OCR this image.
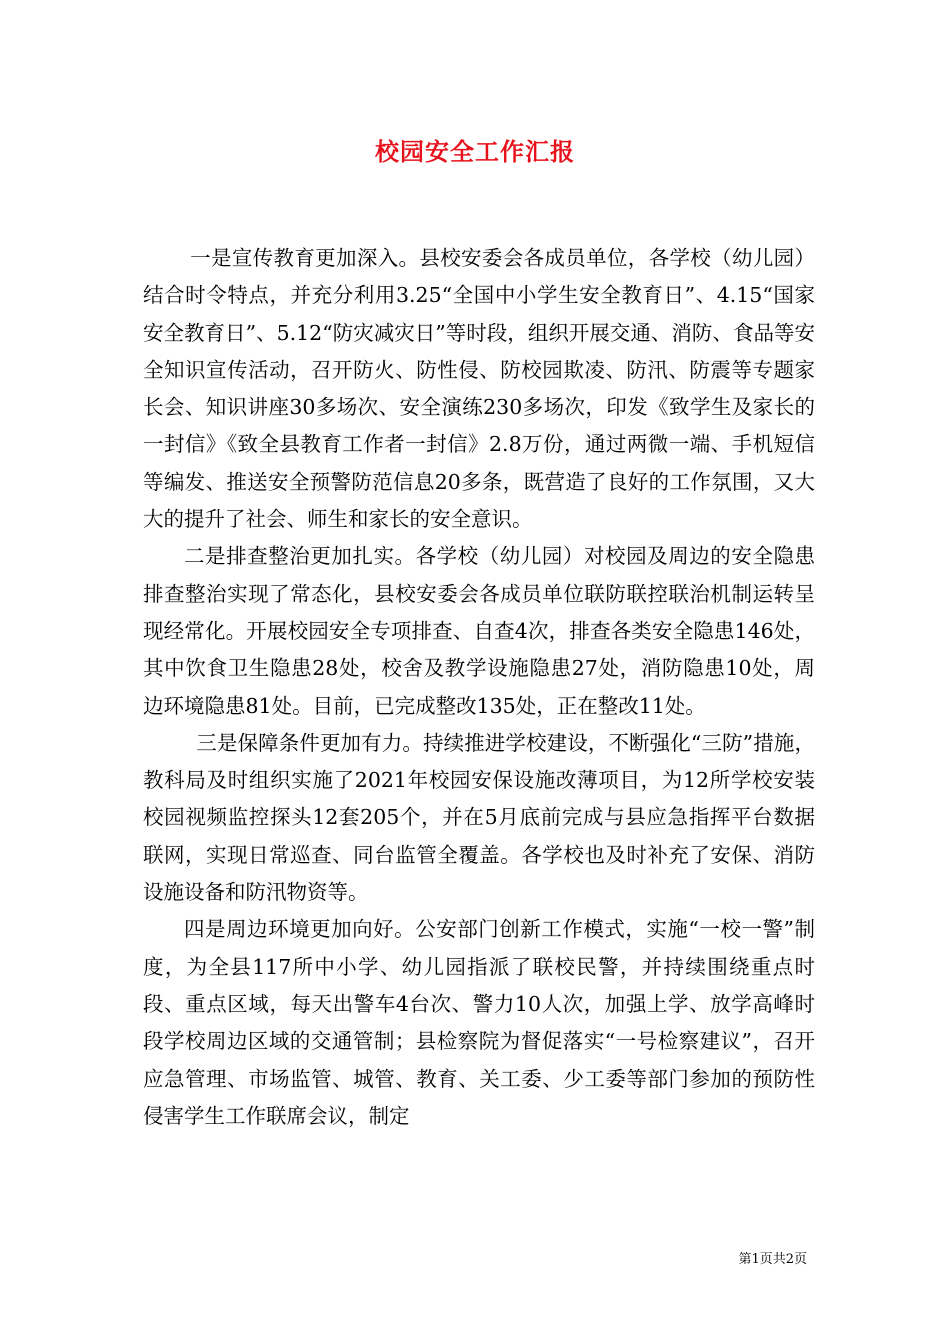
校园安全工作汇报

一是宣传教育更加深入。县校安委会各成员单位，各学校（幼儿园）结合时令特点，并充分利用3.25“全国中小学生安全教育日”、4.15“国家安全教育日”、5.12“防灾减灾日”等时段，组织开展交通、消防、食品等安全知识宣传活动，召开防火、防性侵、防校园欺凌、防汛、防震等专题家长会、知识讲座30多场次、安全演练230多场次，印发《致学生及家长的一封信》《致全县教育工作者一封信》2.8万份，通过两微一端、手机短信等编发、推送安全预警防范信息20多条，既营造了良好的工作氛围，又大大的提升了社会、师生和家长的安全意识。

二是排查整治更加扎实。各学校（幼儿园）对校园及周边的安全隐患排查整治实现了常态化，县校安委会各成员单位联防联控联治机制运转呈现经常化。开展校园安全专项排查、自查4次，排查各类安全隐患146处，其中饮食卫生隐患28处，校舍及教学设施隐患27处，消防隐患10处，周边环境隐患81处。目前，已完成整改135处，正在整改11处。

三是保障条件更加有力。持续推进学校建设，不断强化“三防”措施，教科局及时组织实施了2021年校园安保设施改薄项目，为12所学校安装校园视频监控探头12套205个，并在5月底前完成与县应急指挥平台数据联网，实现日常巡查、同台监管全覆盖。各学校也及时补充了安保、消防设施设备和防汛物资等。

四是周边环境更加向好。公安部门创新工作模式，实施“一校一警”制度，为全县117所中小学、幼儿园指派了联校民警，并持续围绕重点时段、重点区域，每天出警车4台次、警力10人次，加强上学、放学高峰时段学校周边区域的交通管制；县检察院为督促落实“一号检察建议”，召开应急管理、市场监管、城管、教育、关工委、少工委等部门参加的预防性侵害学生工作联席会议，制定

第1页共2页
